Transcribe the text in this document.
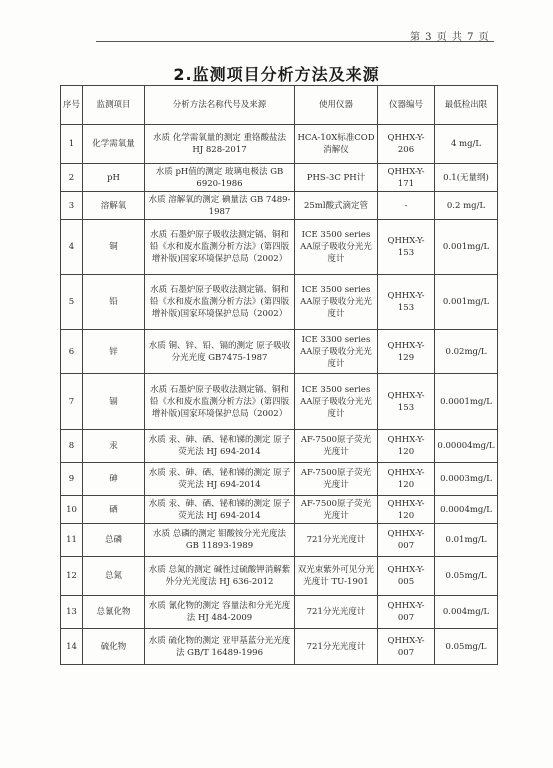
第 3 页 共 7 页
2.监测项目分析方法及来源
序号	监测项目	分析方法名称代号及来源	使用仪器	仪器编号	最低检出限
1	化学需氧量	水质 化学需氧量的测定 重铬酸盐法 HJ 828-2017	HCA-10X标准COD消解仪	QHHX-Y-206	4 mg/L
2	pH	水质 pH值的测定 玻璃电极法 GB 6920-1986	PHS-3C PH计	QHHX-Y-171	0.1(无量纲)
3	溶解氧	水质 溶解氧的测定 碘量法 GB 7489-1987	25ml酸式滴定管	-	0.2 mg/L
4	铜	水质 石墨炉原子吸收法测定镉、铜和铅《水和废水监测分析方法》(第四版增补版)国家环境保护总局（2002）	ICE 3500 series AA原子吸收分光光度计	QHHX-Y-153	0.001mg/L
5	铅	水质 石墨炉原子吸收法测定镉、铜和铅《水和废水监测分析方法》(第四版增补版)国家环境保护总局（2002）	ICE 3500 series AA原子吸收分光光度计	QHHX-Y-153	0.001mg/L
6	锌	水质 铜、锌、铅、镉的测定 原子吸收分光光度 GB7475-1987	ICE 3300 series AA原子吸收分光光度计	QHHX-Y-129	0.02mg/L
7	镉	水质 石墨炉原子吸收法测定镉、铜和铅《水和废水监测分析方法》(第四版增补版)国家环境保护总局（2002）	ICE 3500 series AA原子吸收分光光度计	QHHX-Y-153	0.0001mg/L
8	汞	水质 汞、砷、硒、铋和锑的测定 原子荧光法 HJ 694-2014	AF-7500原子荧光光度计	QHHX-Y-120	0.00004mg/L
9	砷	水质 汞、砷、硒、铋和锑的测定 原子荧光法 HJ 694-2014	AF-7500原子荧光光度计	QHHX-Y-120	0.0003mg/L
10	硒	水质 汞、砷、硒、铋和锑的测定 原子荧光法 HJ 694-2014	AF-7500原子荧光光度计	QHHX-Y-120	0.0004mg/L
11	总磷	水质 总磷的测定 钼酸铵分光光度法 GB 11893-1989	721分光光度计	QHHX-Y-007	0.01mg/L
12	总氮	水质 总氮的测定 碱性过硫酸钾消解紫外分光光度法 HJ 636-2012	双光束紫外可见分光光度计 TU-1901	QHHX-Y-005	0.05mg/L
13	总氰化物	水质 氰化物的测定 容量法和分光光度法 HJ 484-2009	721分光光度计	QHHX-Y-007	0.004mg/L
14	硫化物	水质 硫化物的测定 亚甲基蓝分光光度法 GB/T 16489-1996	721分光光度计	QHHX-Y-007	0.05mg/L
